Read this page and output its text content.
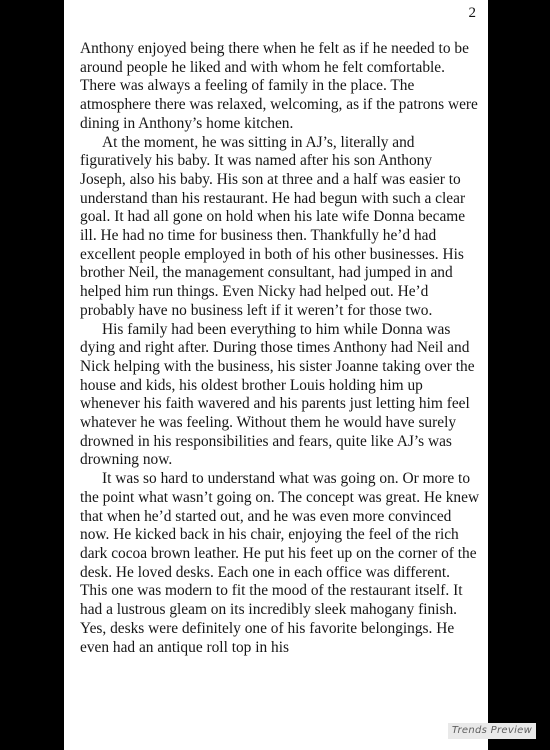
2

Anthony enjoyed being there when he felt as if he needed to be around people he liked and with whom he felt comfortable. There was always a feeling of family in the place. The atmosphere there was relaxed, welcoming, as if the patrons were dining in Anthony’s home kitchen.

At the moment, he was sitting in AJ’s, literally and figuratively his baby. It was named after his son Anthony Joseph, also his baby. His son at three and a half was easier to understand than his restaurant. He had begun with such a clear goal. It had all gone on hold when his late wife Donna became ill. He had no time for business then. Thankfully he’d had excellent people employed in both of his other businesses. His brother Neil, the management consultant, had jumped in and helped him run things. Even Nicky had helped out. He’d probably have no business left if it weren’t for those two.

His family had been everything to him while Donna was dying and right after. During those times Anthony had Neil and Nick helping with the business, his sister Joanne taking over the house and kids, his oldest brother Louis holding him up whenever his faith wavered and his parents just letting him feel whatever he was feeling. Without them he would have surely drowned in his responsibilities and fears, quite like AJ’s was drowning now.

It was so hard to understand what was going on. Or more to the point what wasn’t going on. The concept was great. He knew that when he’d started out, and he was even more convinced now. He kicked back in his chair, enjoying the feel of the rich dark cocoa brown leather. He put his feet up on the corner of the desk. He loved desks. Each one in each office was different. This one was modern to fit the mood of the restaurant itself. It had a lustrous gleam on its incredibly sleek mahogany finish. Yes, desks were definitely one of his favorite belongings. He even had an antique roll top in his

Trends Preview
